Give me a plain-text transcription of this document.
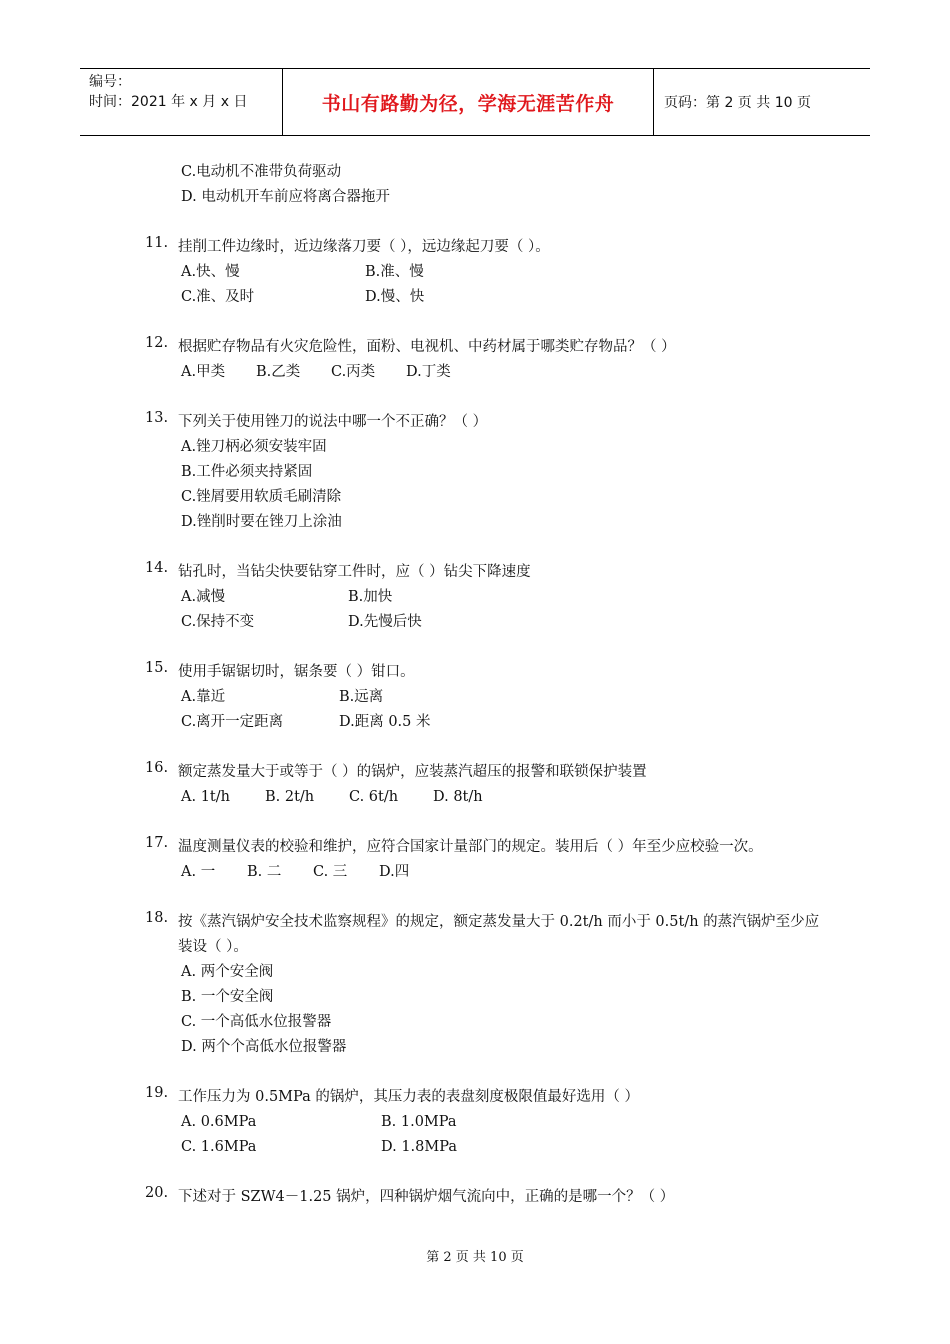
编号：
时间：2021 年 x 月 x 日	书山有路勤为径，学海无涯苦作舟	页码：第 2 页 共 10 页
C.电动机不准带负荷驱动
D. 电动机开车前应将离合器拖开
11. 挂削工件边缘时，近边缘落刀要（ ），远边缘起刀要（ ）。
A.快、慢	B.准、慢
C.准、及时	D.慢、快
12. 根据贮存物品有火灾危险性，面粉、电视机、中药材属于哪类贮存物品？（ ）
A.甲类	B.乙类	C.丙类	D.丁类
13. 下列关于使用锉刀的说法中哪一个不正确？（ ）
A.锉刀柄必须安装牢固
B.工件必须夹持紧固
C.锉屑要用软质毛刷清除
D.锉削时要在锉刀上涂油
14. 钻孔时，当钻尖快要钻穿工件时，应（ ）钻尖下降速度
A.减慢	B.加快
C.保持不变	D.先慢后快
15. 使用手锯锯切时，锯条要（ ）钳口。
A.靠近	B.远离
C.离开一定距离	D.距离 0.5 米
16. 额定蒸发量大于或等于（ ）的锅炉，应装蒸汽超压的报警和联锁保护装置
A. 1t/h	B. 2t/h	C. 6t/h	D. 8t/h
17. 温度测量仪表的校验和维护，应符合国家计量部门的规定。装用后（ ）年至少应校验一次。
A. 一	B. 二	C. 三	D.四
18. 按《蒸汽锅炉安全技术监察规程》的规定，额定蒸发量大于 0.2t/h 而小于 0.5t/h 的蒸汽锅炉至少应装设（ ）。
A. 两个安全阀
B. 一个安全阀
C. 一个高低水位报警器
D. 两个个高低水位报警器
19. 工作压力为 0.5MPa 的锅炉，其压力表的表盘刻度极限值最好选用（ ）
A. 0.6MPa	B. 1.0MPa
C. 1.6MPa	D. 1.8MPa
20. 下述对于 SZW4－1.25 锅炉，四种锅炉烟气流向中，正确的是哪一个？（ ）
第 2 页 共 10 页
